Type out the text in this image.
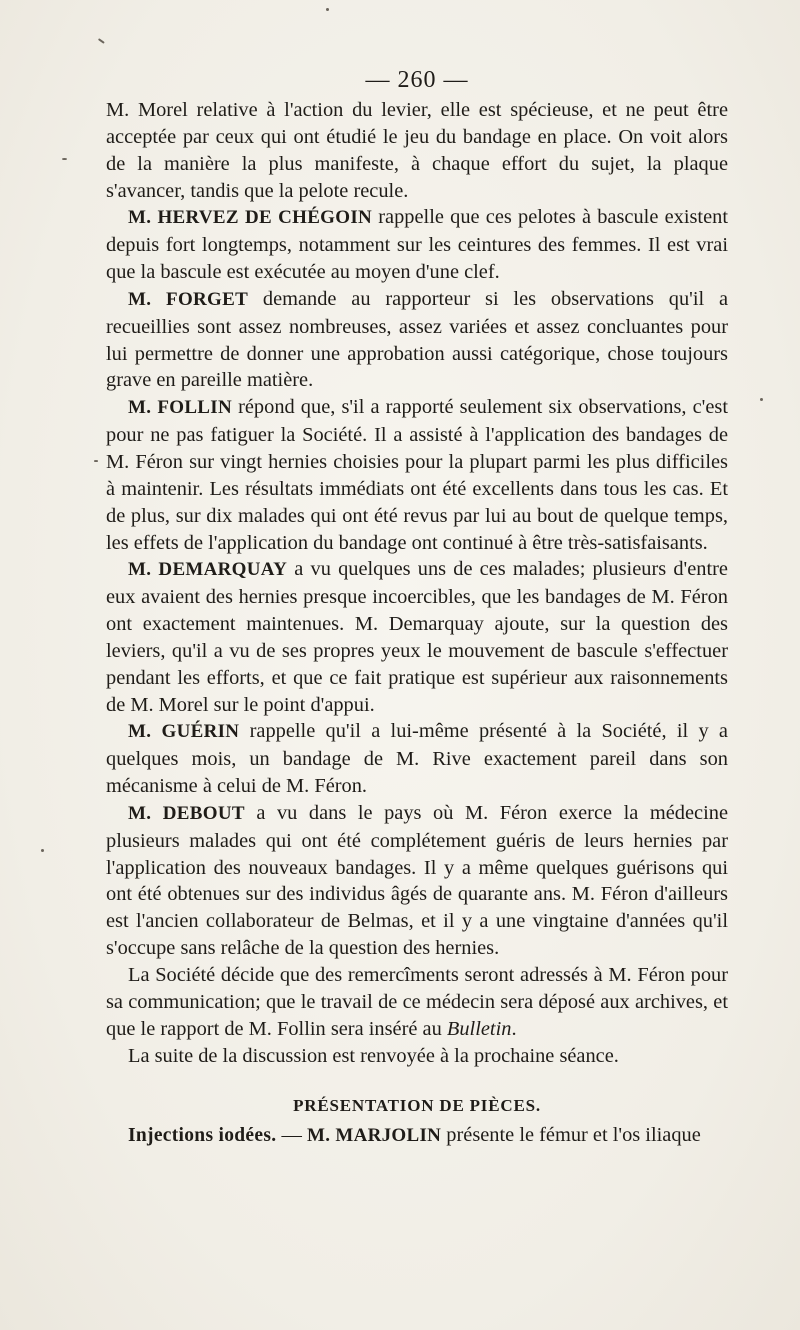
— 260 —

M. Morel relative à l'action du levier, elle est spécieuse, et ne peut être acceptée par ceux qui ont étudié le jeu du bandage en place. On voit alors de la manière la plus manifeste, à chaque effort du sujet, la plaque s'avancer, tandis que la pelote recule.

M. HERVEZ DE CHÉGOIN rappelle que ces pelotes à bascule existent depuis fort longtemps, notamment sur les ceintures des femmes. Il est vrai que la bascule est exécutée au moyen d'une clef.

M. FORGET demande au rapporteur si les observations qu'il a recueillies sont assez nombreuses, assez variées et assez concluantes pour lui permettre de donner une approbation aussi catégorique, chose toujours grave en pareille matière.

M. FOLLIN répond que, s'il a rapporté seulement six observations, c'est pour ne pas fatiguer la Société. Il a assisté à l'application des bandages de M. Féron sur vingt hernies choisies pour la plupart parmi les plus difficiles à maintenir. Les résultats immédiats ont été excellents dans tous les cas. Et de plus, sur dix malades qui ont été revus par lui au bout de quelque temps, les effets de l'application du bandage ont continué à être très-satisfaisants.

M. DEMARQUAY a vu quelques uns de ces malades; plusieurs d'entre eux avaient des hernies presque incoercibles, que les bandages de M. Féron ont exactement maintenues. M. Demarquay ajoute, sur la question des leviers, qu'il a vu de ses propres yeux le mouvement de bascule s'effectuer pendant les efforts, et que ce fait pratique est supérieur aux raisonnements de M. Morel sur le point d'appui.

M. GUÉRIN rappelle qu'il a lui-même présenté à la Société, il y a quelques mois, un bandage de M. Rive exactement pareil dans son mécanisme à celui de M. Féron.

M. DEBOUT a vu dans le pays où M. Féron exerce la médecine plusieurs malades qui ont été complétement guéris de leurs hernies par l'application des nouveaux bandages. Il y a même quelques guérisons qui ont été obtenues sur des individus âgés de quarante ans. M. Féron d'ailleurs est l'ancien collaborateur de Belmas, et il y a une vingtaine d'années qu'il s'occupe sans relâche de la question des hernies.

La Société décide que des remercîments seront adressés à M. Féron pour sa communication; que le travail de ce médecin sera déposé aux archives, et que le rapport de M. Follin sera inséré au Bulletin.

La suite de la discussion est renvoyée à la prochaine séance.

PRÉSENTATION DE PIÈCES.

Injections iodées. — M. MARJOLIN présente le fémur et l'os iliaque
